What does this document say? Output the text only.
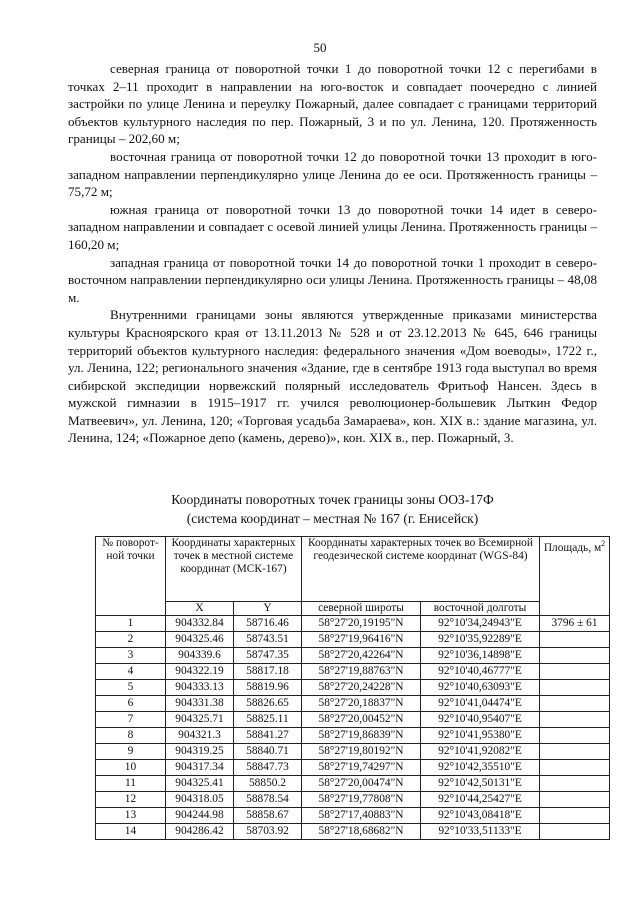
50

северная граница от поворотной точки 1 до поворотной точки 12 с перегибами в точках 2–11 проходит в направлении на юго-восток и совпадает поочередно с линией застройки по улице Ленина и переулку Пожарный, далее совпадает с границами территорий объектов культурного наследия по пер. Пожарный, 3 и по ул. Ленина, 120. Протяженность границы – 202,60 м;

восточная граница от поворотной точки 12 до поворотной точки 13 проходит в юго-западном направлении перпендикулярно улице Ленина до ее оси. Протяженность границы – 75,72 м;

южная граница от поворотной точки 13 до поворотной точки 14 идет в северо-западном направлении и совпадает с осевой линией улицы Ленина. Протяженность границы – 160,20 м;

западная граница от поворотной точки 14 до поворотной точки 1 проходит в северо-восточном направлении перпендикулярно оси улицы Ленина. Протяженность границы – 48,08 м.

Внутренними границами зоны являются утвержденные приказами министерства культуры Красноярского края от 13.11.2013 № 528 и от 23.12.2013 № 645, 646 границы территорий объектов культурного наследия: федерального значения «Дом воеводы», 1722 г., ул. Ленина, 122; регионального значения «Здание, где в сентябре 1913 года выступал во время сибирской экспедиции норвежский полярный исследователь Фритьоф Нансен. Здесь в мужской гимназии в 1915–1917 гг. учился революционер-большевик Лыткин Федор Матвеевич», ул. Ленина, 120; «Торговая усадьба Замараева», кон. XIX в.: здание магазина, ул. Ленина, 124; «Пожарное депо (камень, дерево)», кон. XIX в., пер. Пожарный, 3.

Координаты поворотных точек границы зоны ООЗ-17Ф
(система координат – местная № 167 (г. Енисейск)
№ поворот-ной точки	Координаты характерных точек в местной системе координат (МСК-167)		Координаты характерных точек во Всемирной геодезической системе координат (WGS-84)		Площадь, $м^2$
	X	Y	северной широты	восточной долготы	
1	904332.84	58716.46	58°27'20,19195"N	92°10'34,24943"E	3796 ± 61
2	904325.46	58743.51	58°27'19,96416"N	92°10'35,92289"E	
3	904339.6	58747.35	58°27'20,42264"N	92°10'36,14898"E	
4	904322.19	58817.18	58°27'19,88763"N	92°10'40,46777"E	
5	904333.13	58819.96	58°27'20,24228"N	92°10'40,63093"E	
6	904331.38	58826.65	58°27'20,18837"N	92°10'41,04474"E	
7	904325.71	58825.11	58°27'20,00452"N	92°10'40,95407"E	
8	904321.3	58841.27	58°27'19,86839"N	92°10'41,95380"E	
9	904319.25	58840.71	58°27'19,80192"N	92°10'41,92082"E	
10	904317.34	58847.73	58°27'19,74297"N	92°10'42,35510"E	
11	904325.41	58850.2	58°27'20,00474"N	92°10'42,50131"E	
12	904318.05	58878.54	58°27'19,77808"N	92°10'44,25427"E	
13	904244.98	58858.67	58°27'17,40883"N	92°10'43,08418"E	
14	904286.42	58703.92	58°27'18,68682"N	92°10'33,51133"E	
